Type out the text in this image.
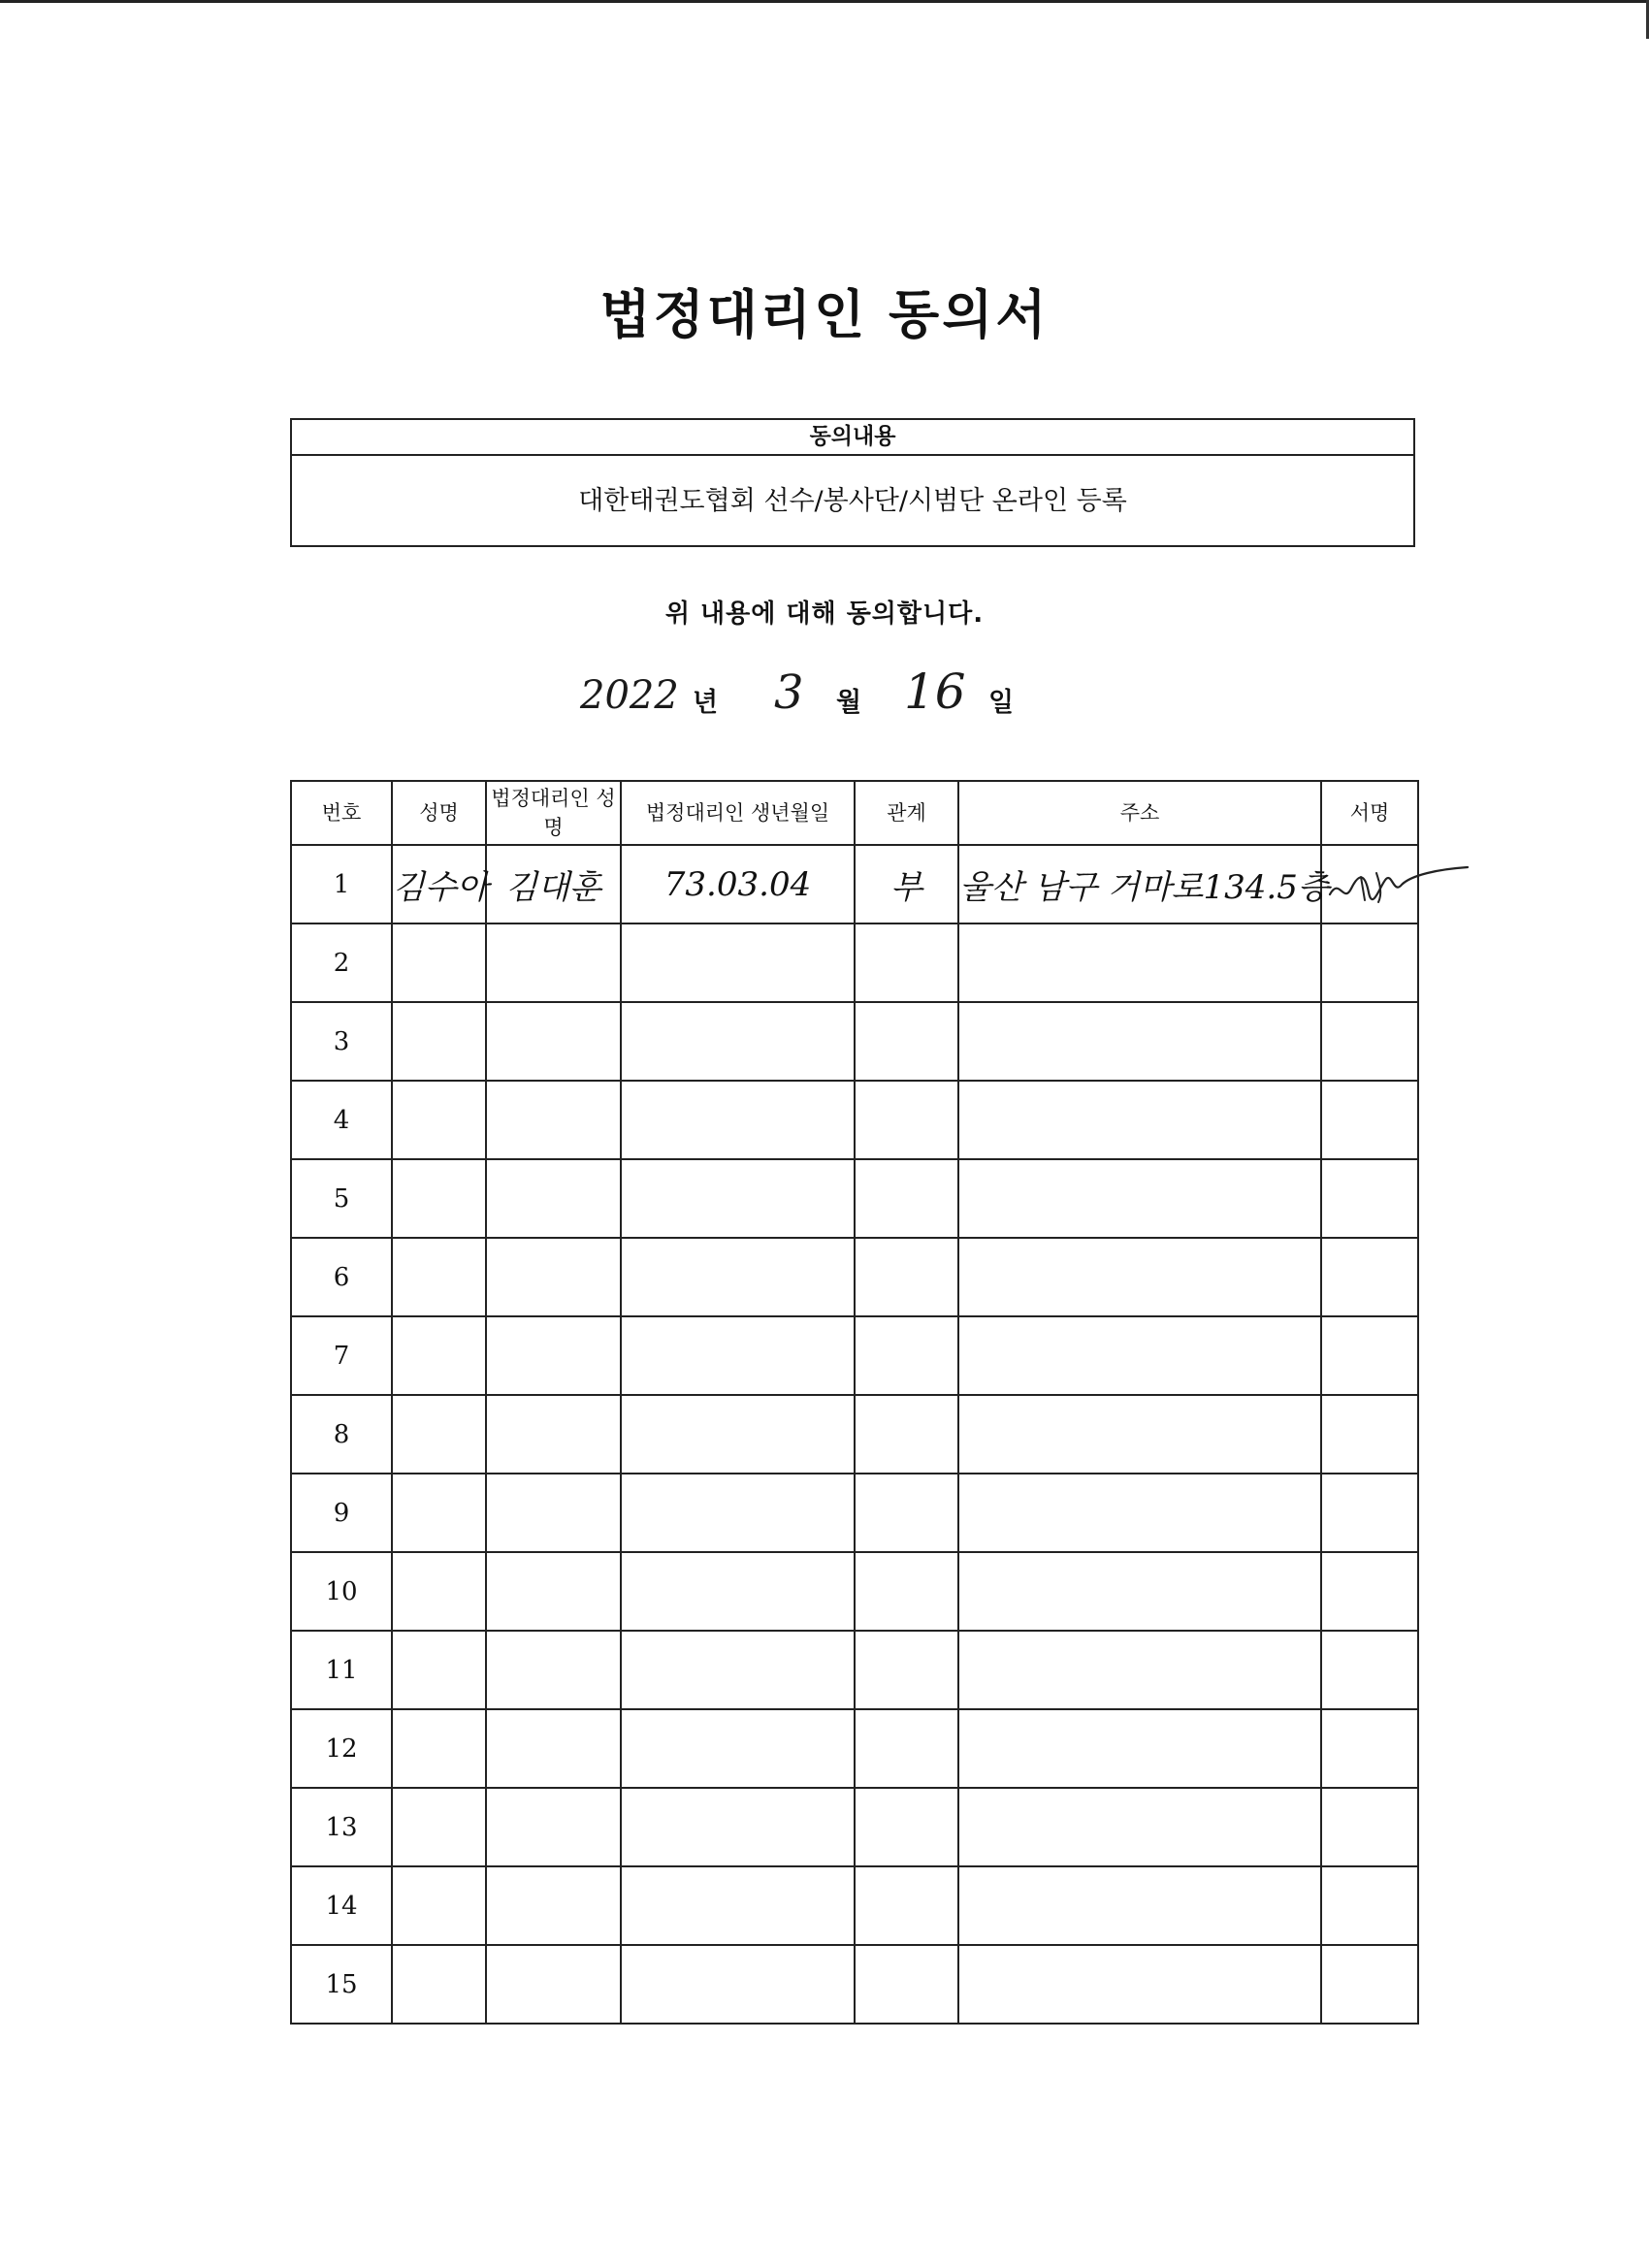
법정대리인 동의서
동의내용
대한태권도협회 선수/봉사단/시범단 온라인 등록
위 내용에 대해 동의합니다.
2022 년 3 월 16 일
번호	성명	법정대리인 성명	법정대리인 생년월일	관계	주소	서명
1	김수아	김대훈	73.03.04	부	울산 남구 거마로134.5층	

2						
3						
4						
5						
6						
7						
8						
9						
10						
11						
12						
13						
14						
15						
